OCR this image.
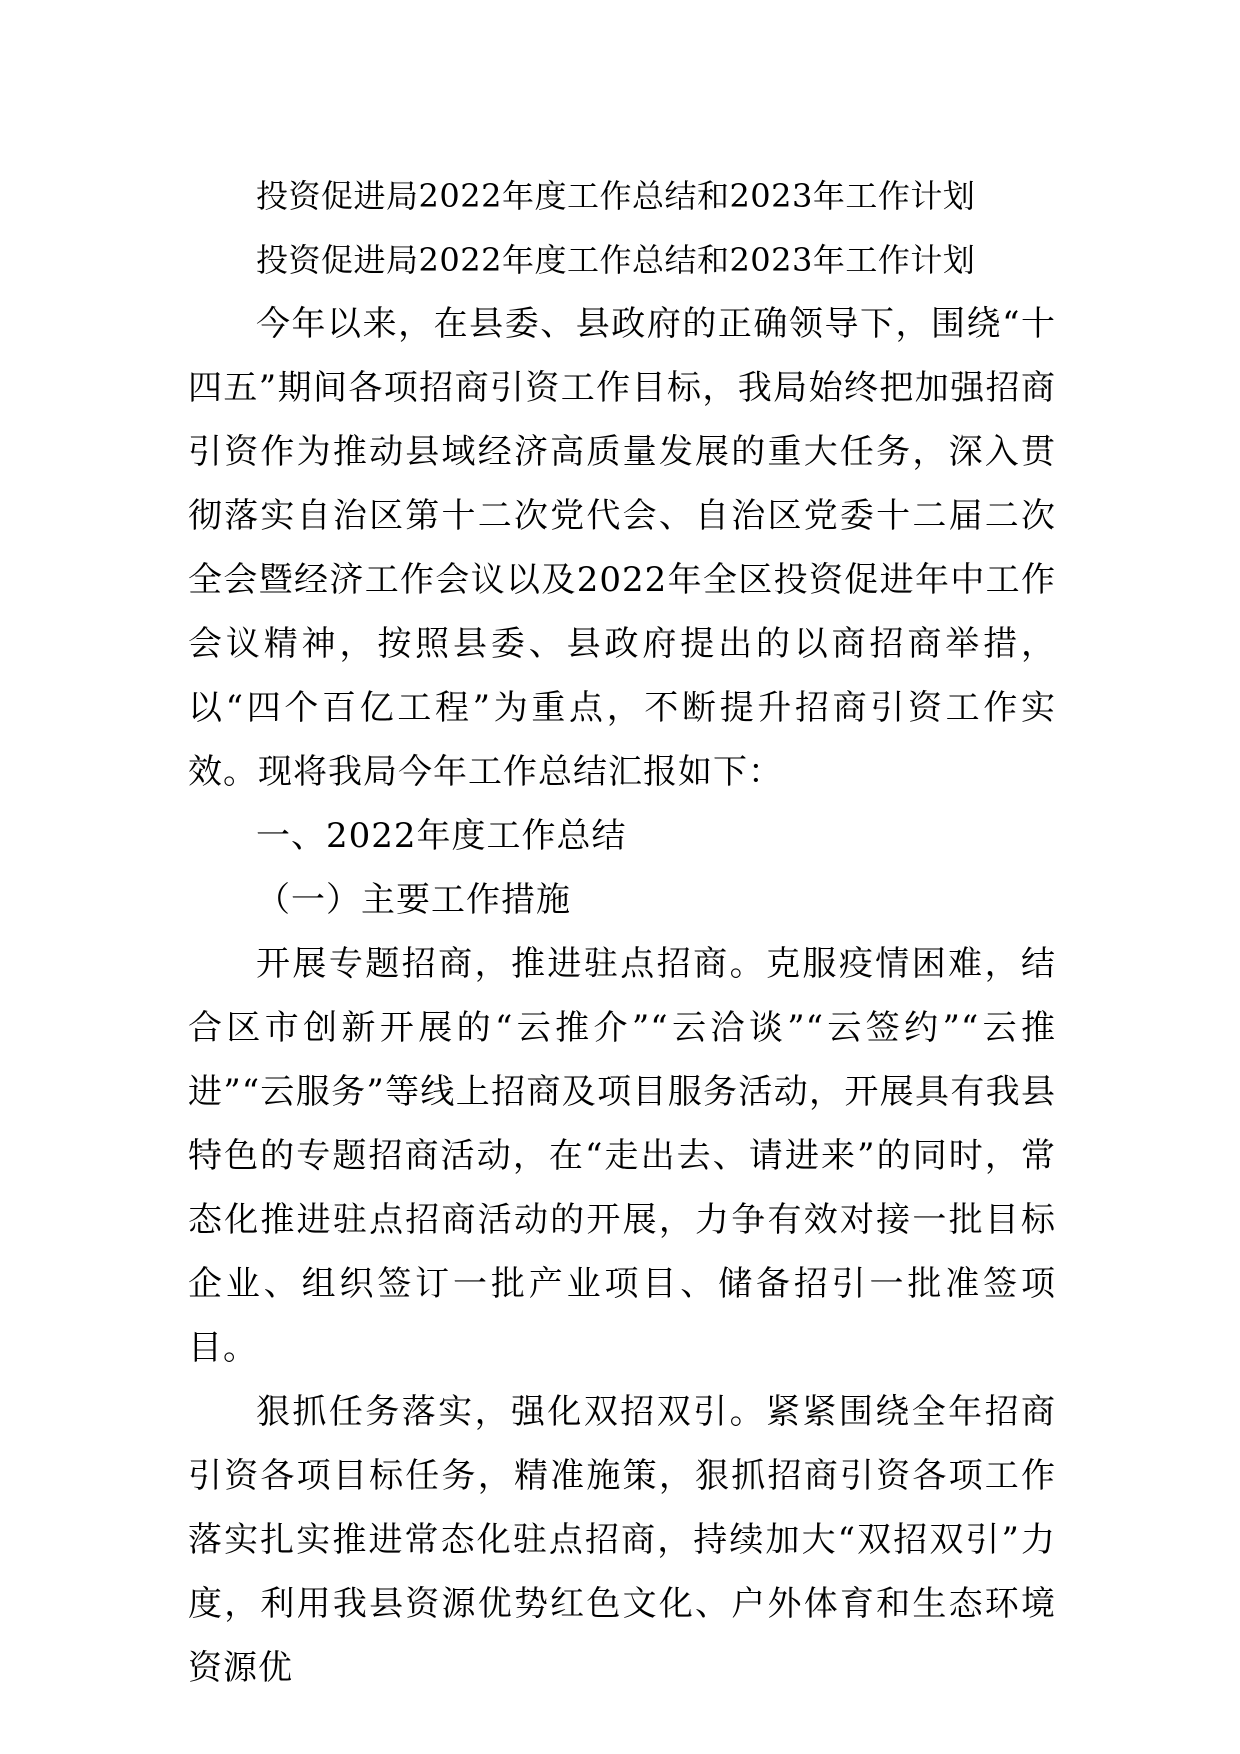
投资促进局2022年度工作总结和2023年工作计划

投资促进局2022年度工作总结和2023年工作计划

今年以来，在县委、县政府的正确领导下，围绕“十四五”期间各项招商引资工作目标，我局始终把加强招商引资作为推动县域经济高质量发展的重大任务，深入贯彻落实自治区第十二次党代会、自治区党委十二届二次全会暨经济工作会议以及2022年全区投资促进年中工作会议精神，按照县委、县政府提出的以商招商举措，以“四个百亿工程”为重点，不断提升招商引资工作实效。现将我局今年工作总结汇报如下：

一、2022年度工作总结

（一）主要工作措施

开展专题招商，推进驻点招商。克服疫情困难，结合区市创新开展的“云推介”“云洽谈”“云签约”“云推进”“云服务”等线上招商及项目服务活动，开展具有我县特色的专题招商活动，在“走出去、请进来”的同时，常态化推进驻点招商活动的开展，力争有效对接一批目标企业、组织签订一批产业项目、储备招引一批准签项目。

狠抓任务落实，强化双招双引。紧紧围绕全年招商引资各项目标任务，精准施策，狠抓招商引资各项工作落实扎实推进常态化驻点招商，持续加大“双招双引”力度，利用我县资源优势红色文化、户外体育和生态环境资源优
